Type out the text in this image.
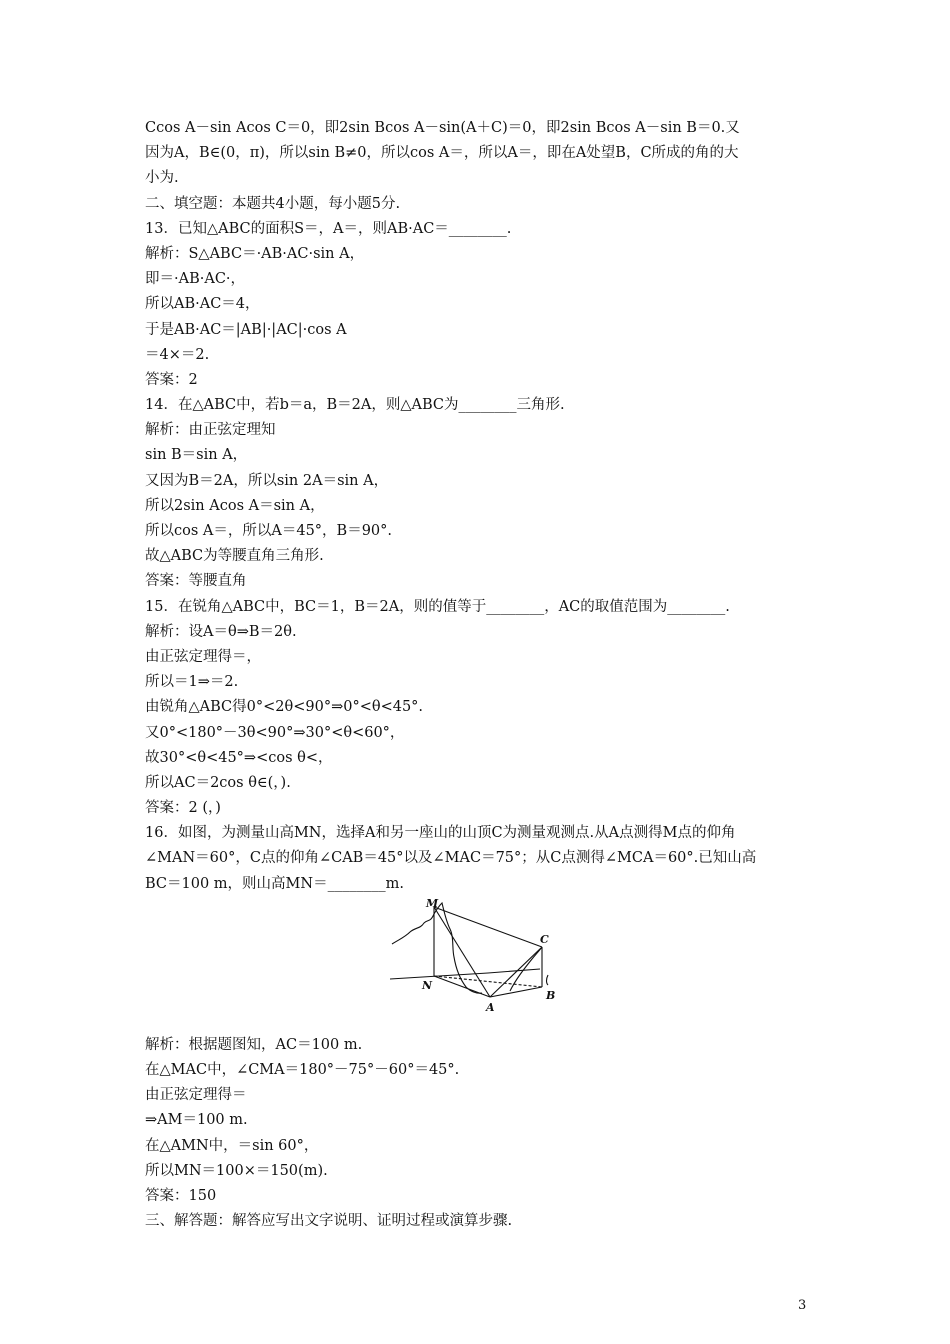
Ccos A－sin Acos C＝0，即2sin Bcos A－sin(A＋C)＝0，即2sin Bcos A－sin B＝0.又
因为A，B∈(0，π)，所以sin B≠0，所以cos A＝，所以A＝，即在A处望B，C所成的角的大
小为.
二、填空题：本题共4小题，每小题5分.
13．已知△ABC的面积S＝，A＝，则AB·AC＝________.
解析：S△ABC＝·AB·AC·sin A，
即＝·AB·AC·，
所以AB·AC＝4，
于是AB·AC＝|AB|·|AC|·cos A
＝4×＝2.
答案：2
14．在△ABC中，若b＝a，B＝2A，则△ABC为________三角形.
解析：由正弦定理知
sin B＝sin A，
又因为B＝2A，所以sin 2A＝sin A，
所以2sin Acos A＝sin A，
所以cos A＝，所以A＝45°，B＝90°.
故△ABC为等腰直角三角形.
答案：等腰直角
15．在锐角△ABC中，BC＝1，B＝2A，则的值等于________，AC的取值范围为________.
解析：设A＝θ⇒B＝2θ.
由正弦定理得＝，
所以＝1⇒＝2.
由锐角△ABC得0°<2θ<90°⇒0°<θ<45°.
又0°<180°－3θ<90°⇒30°<θ<60°，
故30°<θ<45°⇒<cos θ<，
所以AC＝2cos θ∈(，).
答案：2 (，)
16．如图，为测量山高MN，选择A和另一座山的山顶C为测量观测点.从A点测得M点的仰角
∠MAN＝60°，C点的仰角∠CAB＝45°以及∠MAC＝75°；从C点测得∠MCA＝60°.已知山高
BC＝100 m，则山高MN＝________m.
M
N
A
B
C
解析：根据题图知，AC＝100 m.
在△MAC中，∠CMA＝180°－75°－60°＝45°.
由正弦定理得＝
⇒AM＝100 m.
在△AMN中，＝sin 60°，
所以MN＝100×＝150(m).
答案：150
三、解答题：解答应写出文字说明、证明过程或演算步骤.
3
